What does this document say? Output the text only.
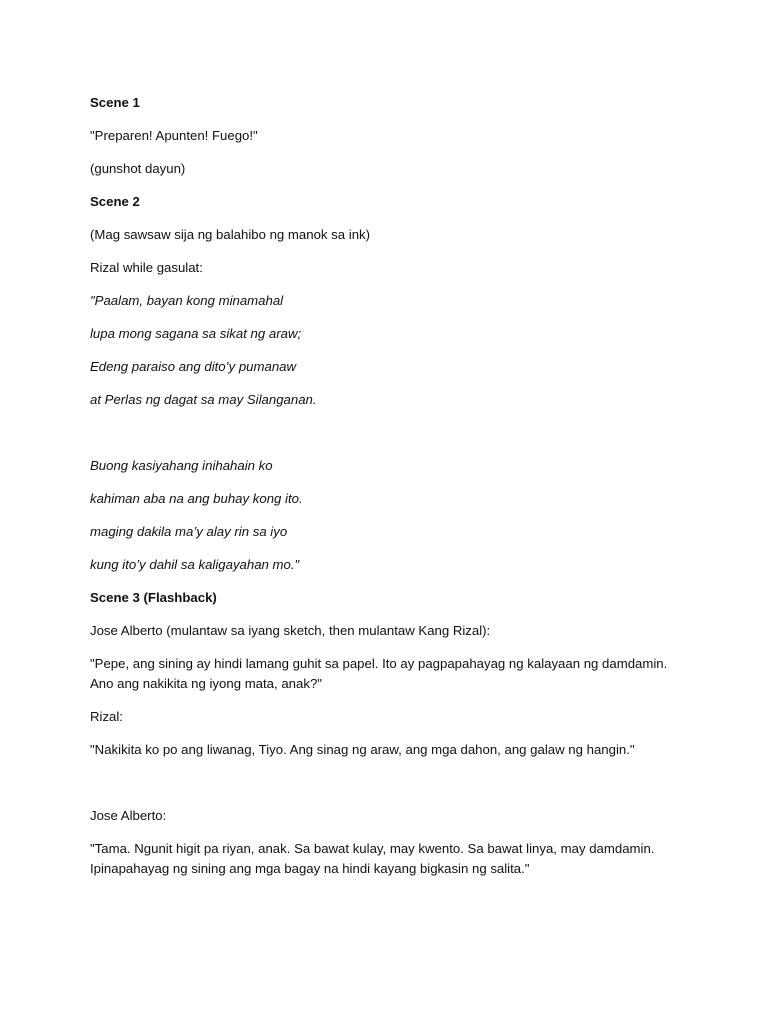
Scene 1

"Preparen! Apunten! Fuego!"

(gunshot dayun)

Scene 2

(Mag sawsaw sija ng balahibo ng manok sa ink)

Rizal while gasulat:

"Paalam, bayan kong minamahal

lupa mong sagana sa sikat ng araw;

Edeng paraiso ang dito’y pumanaw

at Perlas ng dagat sa may Silanganan.

Buong kasiyahang inihahain ko

kahiman aba na ang buhay kong ito.

maging dakila ma’y alay rin sa iyo

kung ito’y dahil sa kaligayahan mo."

Scene 3 (Flashback)

Jose Alberto (mulantaw sa iyang sketch, then mulantaw Kang Rizal):

"Pepe, ang sining ay hindi lamang guhit sa papel. Ito ay pagpapahayag ng kalayaan ng damdamin. Ano ang nakikita ng iyong mata, anak?"

Rizal:

"Nakikita ko po ang liwanag, Tiyo. Ang sinag ng araw, ang mga dahon, ang galaw ng hangin."

Jose Alberto:

"Tama. Ngunit higit pa riyan, anak. Sa bawat kulay, may kwento. Sa bawat linya, may damdamin. Ipinapahayag ng sining ang mga bagay na hindi kayang bigkasin ng salita."
